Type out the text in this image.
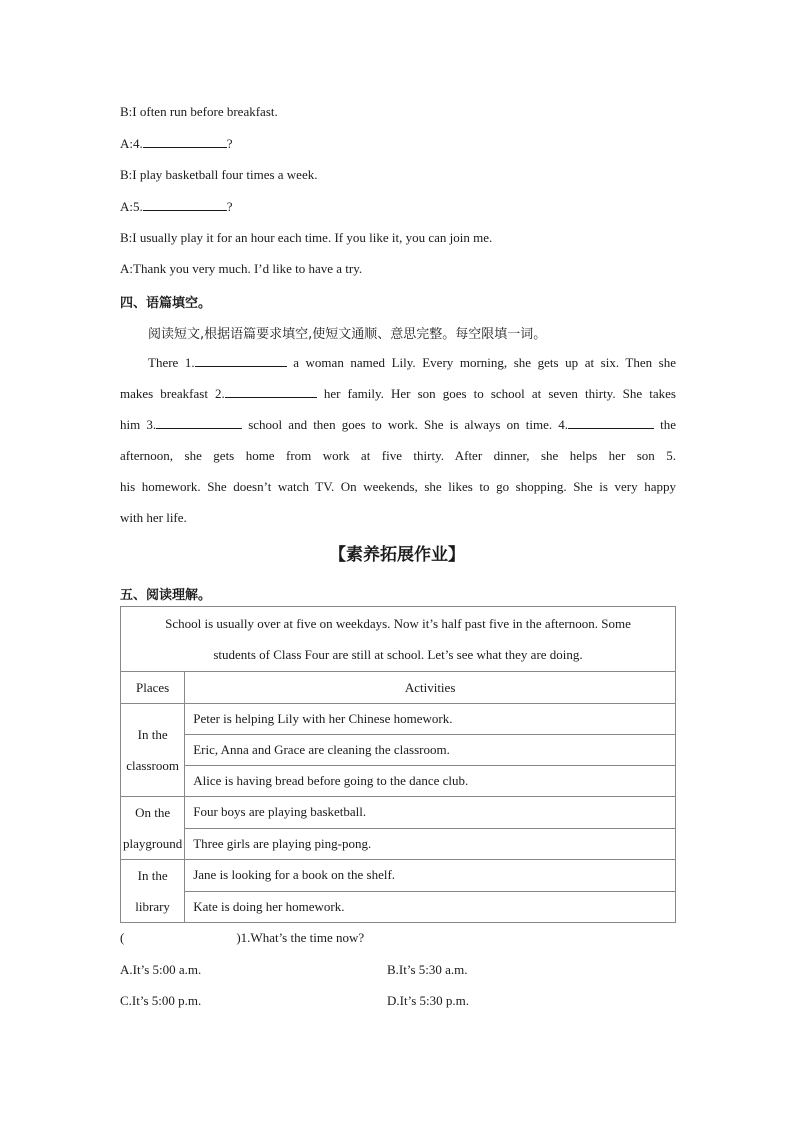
B:I often run before breakfast.
A:4.	?
B:I play basketball four times a week.
A:5.	?
B:I usually play it for an hour each time. If you like it, you can join me.
A:Thank you very much. I’d like to have a try.
四、语篇填空。
阅读短文,根据语篇要求填空,使短文通顺、意思完整。每空限填一词。
There 1.	a woman named Lily. Every morning, she gets up at six. Then she
makes breakfast 2.	her family. Her son goes to school at seven thirty. She takes
him 3.	school and then goes to work. She is always on time. 4.	the
afternoon, she gets home from work at five thirty. After dinner, she helps her son 5.
his homework. She doesn’t watch TV. On weekends, she likes to go shopping. She is very happy
with her life.
【素养拓展作业】
五、阅读理解。
School is usually over at five on weekdays. Now it’s half past five in the afternoon. Some
students of Class Four are still at school. Let’s see what they are doing.	

Places	Activities

In the
classroom	Peter is helping Lily with her Chinese homework.
	Eric, Anna and Grace are cleaning the classroom.
	Alice is having bread before going to the dance club.

On the
playground	Four boys are playing basketball.
	Three girls are playing ping-pong.

In the
library	Jane is looking for a book on the shelf.
	Kate is doing her homework.
(	)1.What’s the time now?
A.It’s 5:00 a.m.	B.It’s 5:30 a.m.
C.It’s 5:00 p.m.	D.It’s 5:30 p.m.
